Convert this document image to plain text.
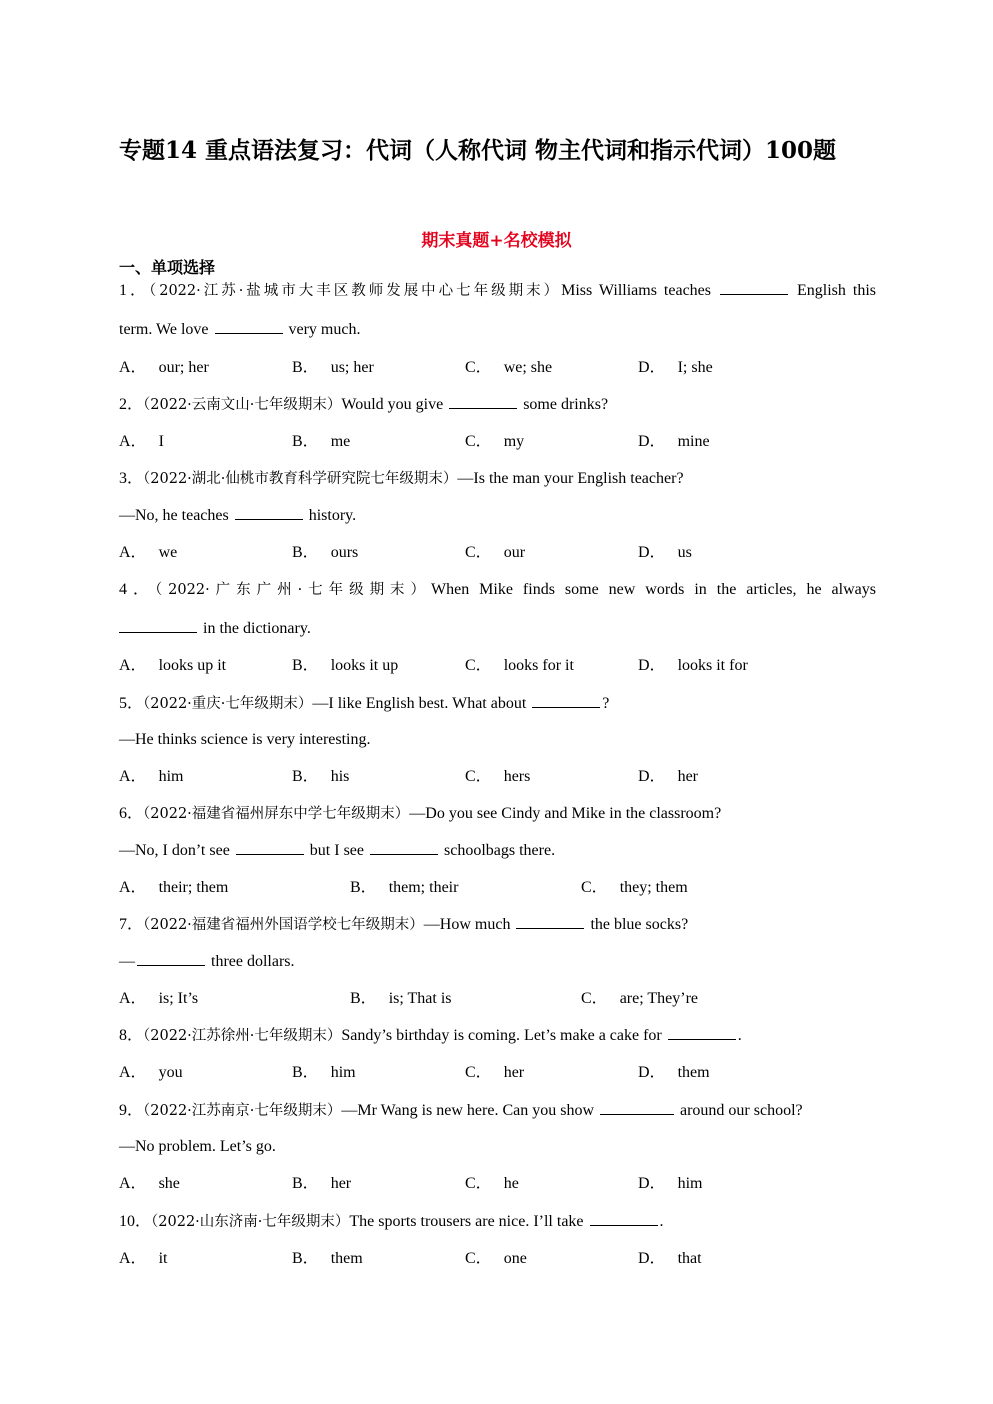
专题14 重点语法复习：代词（人称代词 物主代词和指示代词）100题
期末真题+名校模拟
一、单项选择
1．（2022·江苏·盐城市大丰区教师发展中心七年级期末）Miss Williams teaches	English this
term. We love	very much.
A． our; her	B． us; her	C． we; she	D． I; she
2．（2022·云南文山·七年级期末）Would you give	some drinks?
A． I	B． me	C． my	D． mine
3．（2022·湖北·仙桃市教育科学研究院七年级期末）—Is the man your English teacher?
—No, he teaches	history.
A． we	B． ours	C． our	D． us
4．（2022·广东广州·七年级期末）When Mike finds some new words in the articles, he always
in the dictionary.
A． looks up it	B． looks it up	C． looks for it	D． looks it for
5．（2022·重庆·七年级期末）—I like English best. What about	?
—He thinks science is very interesting.
A． him	B． his	C． hers	D． her
6．（2022·福建省福州屏东中学七年级期末）—Do you see Cindy and Mike in the classroom?
—No, I don’t see	but I see	schoolbags there.
A． their; them	B． them; their	C． they; them
7．（2022·福建省福州外国语学校七年级期末）—How much	the blue socks?
—	three dollars.
A． is; It’s	B． is; That is	C． are; They’re
8．（2022·江苏徐州·七年级期末）Sandy’s birthday is coming. Let’s make a cake for	.
A． you	B． him	C． her	D． them
9．（2022·江苏南京·七年级期末）—Mr Wang is new here. Can you show	around our school?
—No problem. Let’s go.
A． she	B． her	C． he	D． him
10．（2022·山东济南·七年级期末）The sports trousers are nice. I’ll take	.
A． it	B． them	C． one	D． that
